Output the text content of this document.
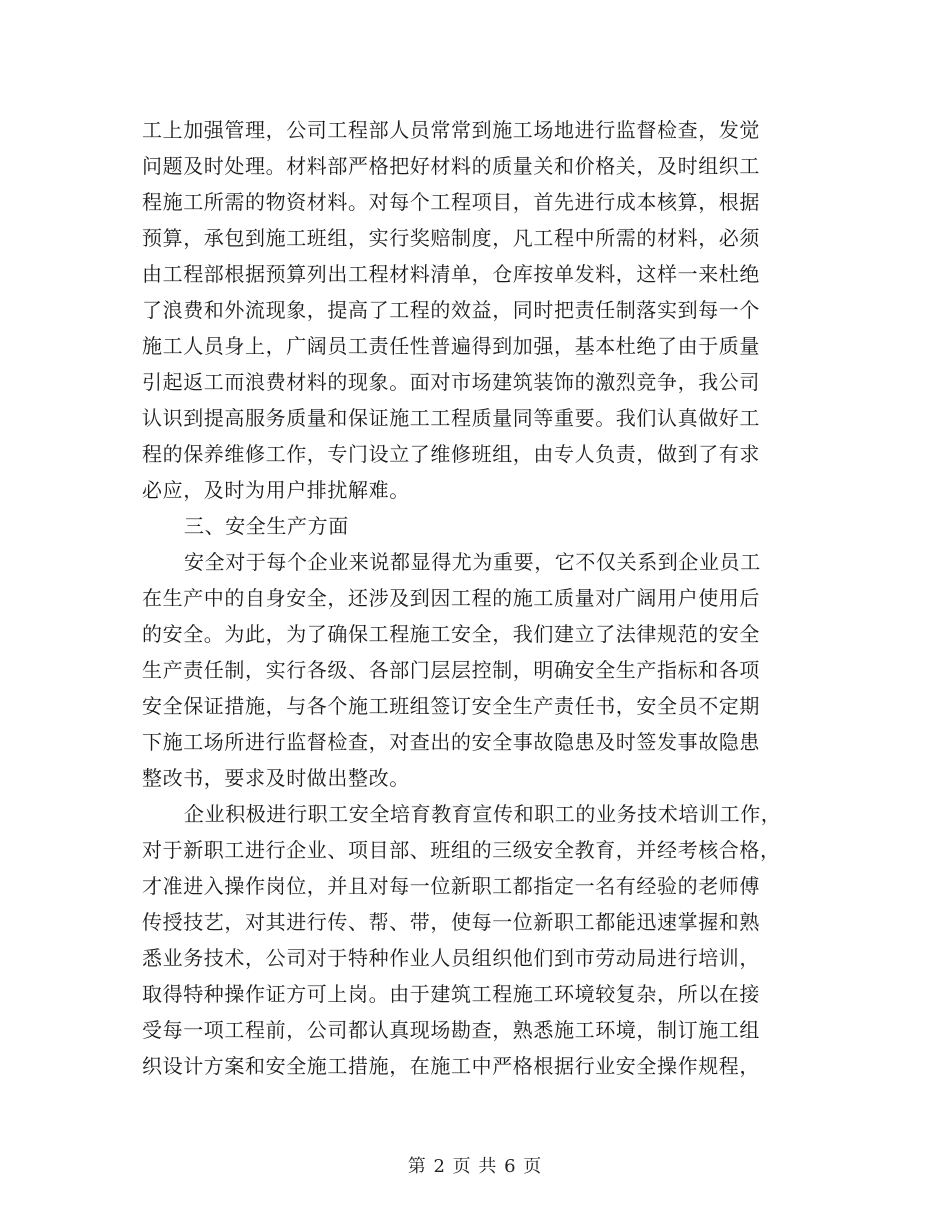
工上加强管理，公司工程部人员常常到施工场地进行监督检查，发觉
问题及时处理。材料部严格把好材料的质量关和价格关，及时组织工
程施工所需的物资材料。对每个工程项目，首先进行成本核算，根据
预算，承包到施工班组，实行奖赔制度，凡工程中所需的材料，必须
由工程部根据预算列出工程材料清单，仓库按单发料，这样一来杜绝
了浪费和外流现象，提高了工程的效益，同时把责任制落实到每一个
施工人员身上，广阔员工责任性普遍得到加强，基本杜绝了由于质量
引起返工而浪费材料的现象。面对市场建筑装饰的激烈竞争，我公司
认识到提高服务质量和保证施工工程质量同等重要。我们认真做好工
程的保养维修工作，专门设立了维修班组，由专人负责，做到了有求
必应，及时为用户排扰解难。
三、安全生产方面
安全对于每个企业来说都显得尤为重要，它不仅关系到企业员工
在生产中的自身安全，还涉及到因工程的施工质量对广阔用户使用后
的安全。为此，为了确保工程施工安全，我们建立了法律规范的安全
生产责任制，实行各级、各部门层层控制，明确安全生产指标和各项
安全保证措施，与各个施工班组签订安全生产责任书，安全员不定期
下施工场所进行监督检查，对查出的安全事故隐患及时签发事故隐患
整改书，要求及时做出整改。
企业积极进行职工安全培育教育宣传和职工的业务技术培训工作，
对于新职工进行企业、项目部、班组的三级安全教育，并经考核合格，
才准进入操作岗位，并且对每一位新职工都指定一名有经验的老师傅
传授技艺，对其进行传、帮、带，使每一位新职工都能迅速掌握和熟
悉业务技术，公司对于特种作业人员组织他们到市劳动局进行培训，
取得特种操作证方可上岗。由于建筑工程施工环境较复杂，所以在接
受每一项工程前，公司都认真现场勘查，熟悉施工环境，制订施工组
织设计方案和安全施工措施，在施工中严格根据行业安全操作规程，
第 2 页 共 6 页
